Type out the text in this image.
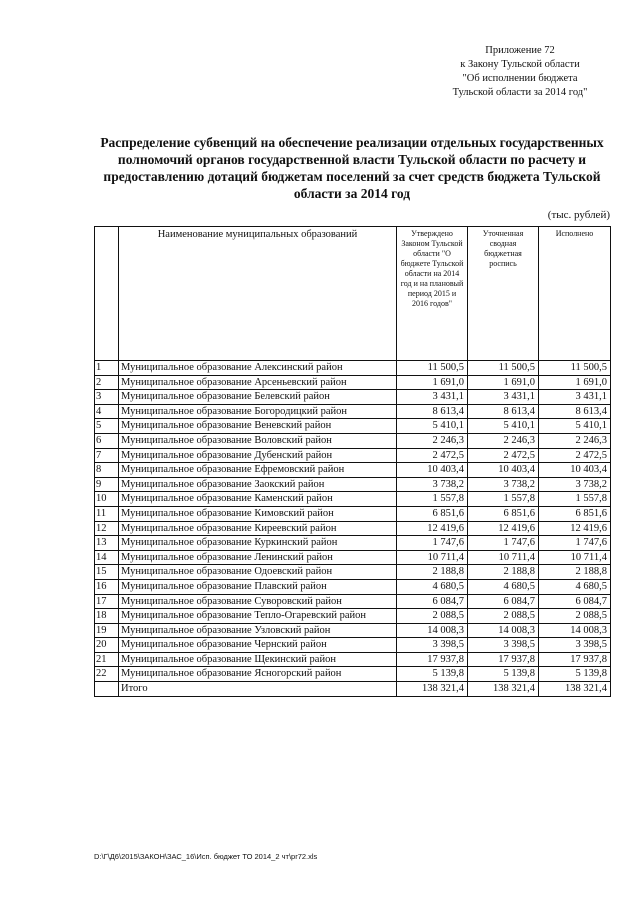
Приложение 72
к Закону Тульской области
"Об исполнении бюджета
Тульской области за 2014 год"
Распределение субвенций на обеспечение реализации отдельных государственных
полномочий органов государственной власти Тульской области по расчету и
предоставлению дотаций бюджетам поселений за счет средств бюджета Тульской
области за 2014 год
(тыс. рублей)
	Наименование муниципальных образований	Утверждено Законом Тульской области "О бюджете Тульской области на 2014 год и на плановый период 2015 и 2016 годов"	Уточненная сводная бюджетная роспись	Исполнено
1	Муниципальное образование Алексинский район	11 500,5	11 500,5	11 500,5
2	Муниципальное образование Арсеньевский район	1 691,0	1 691,0	1 691,0
3	Муниципальное образование Белевский район	3 431,1	3 431,1	3 431,1
4	Муниципальное образование Богородицкий район	8 613,4	8 613,4	8 613,4
5	Муниципальное образование Веневский район	5 410,1	5 410,1	5 410,1
6	Муниципальное образование Воловский район	2 246,3	2 246,3	2 246,3
7	Муниципальное образование Дубенский район	2 472,5	2 472,5	2 472,5
8	Муниципальное образование Ефремовский район	10 403,4	10 403,4	10 403,4
9	Муниципальное образование Заокский район	3 738,2	3 738,2	3 738,2
10	Муниципальное образование Каменский район	1 557,8	1 557,8	1 557,8
11	Муниципальное образование Кимовский район	6 851,6	6 851,6	6 851,6
12	Муниципальное образование Киреевский район	12 419,6	12 419,6	12 419,6
13	Муниципальное образование Куркинский район	1 747,6	1 747,6	1 747,6
14	Муниципальное образование Ленинский район	10 711,4	10 711,4	10 711,4
15	Муниципальное образование Одоевский район	2 188,8	2 188,8	2 188,8
16	Муниципальное образование Плавский район	4 680,5	4 680,5	4 680,5
17	Муниципальное образование Суворовский район	6 084,7	6 084,7	6 084,7
18	Муниципальное образование Тепло-Огаревский район	2 088,5	2 088,5	2 088,5
19	Муниципальное образование Узловский район	14 008,3	14 008,3	14 008,3
20	Муниципальное образование Чернский район	3 398,5	3 398,5	3 398,5
21	Муниципальное образование Щекинский район	17 937,8	17 937,8	17 937,8
22	Муниципальное образование Ясногорский район	5 139,8	5 139,8	5 139,8
	Итого	138 321,4	138 321,4	138 321,4
D:\Г\Д6\2015\ЗАКОН\ЗАС_16\Исп. бюджет ТО 2014_2 чт\pr72.xls
